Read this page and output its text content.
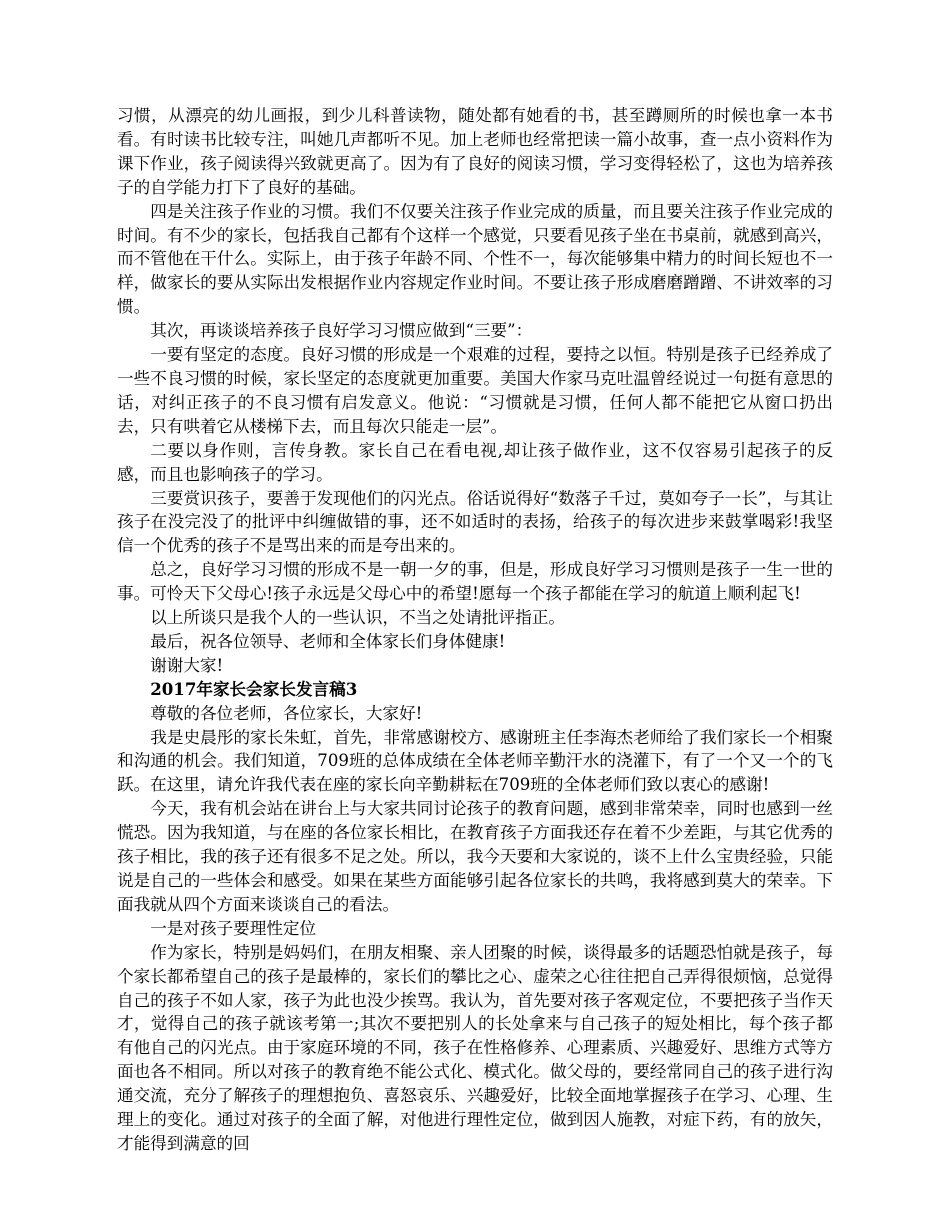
习惯，从漂亮的幼儿画报，到少儿科普读物，随处都有她看的书，甚至蹲厕所的时候也拿一本书看。有时读书比较专注，叫她几声都听不见。加上老师也经常把读一篇小故事，查一点小资料作为课下作业，孩子阅读得兴致就更高了。因为有了良好的阅读习惯，学习变得轻松了，这也为培养孩子的自学能力打下了良好的基础。

四是关注孩子作业的习惯。我们不仅要关注孩子作业完成的质量，而且要关注孩子作业完成的时间。有不少的家长，包括我自己都有个这样一个感觉，只要看见孩子坐在书桌前，就感到高兴，而不管他在干什么。实际上，由于孩子年龄不同、个性不一，每次能够集中精力的时间长短也不一样，做家长的要从实际出发根据作业内容规定作业时间。不要让孩子形成磨磨蹭蹭、不讲效率的习惯。

其次，再谈谈培养孩子良好学习习惯应做到“三要”：

一要有坚定的态度。良好习惯的形成是一个艰难的过程，要持之以恒。特别是孩子已经养成了一些不良习惯的时候，家长坚定的态度就更加重要。美国大作家马克吐温曾经说过一句挺有意思的话，对纠正孩子的不良习惯有启发意义。他说：“习惯就是习惯，任何人都不能把它从窗口扔出去，只有哄着它从楼梯下去，而且每次只能走一层”。

二要以身作则，言传身教。家长自己在看电视,却让孩子做作业，这不仅容易引起孩子的反感，而且也影响孩子的学习。

三要赏识孩子，要善于发现他们的闪光点。俗话说得好“数落子千过，莫如夸子一长”，与其让孩子在没完没了的批评中纠缠做错的事，还不如适时的表扬，给孩子的每次进步来鼓掌喝彩!我坚信一个优秀的孩子不是骂出来的而是夸出来的。

总之，良好学习习惯的形成不是一朝一夕的事，但是，形成良好学习习惯则是孩子一生一世的事。可怜天下父母心!孩子永远是父母心中的希望!愿每一个孩子都能在学习的航道上顺利起飞!

以上所谈只是我个人的一些认识，不当之处请批评指正。

最后，祝各位领导、老师和全体家长们身体健康!

谢谢大家!

2017年家长会家长发言稿3

尊敬的各位老师，各位家长，大家好!

我是史晨彤的家长朱虹，首先，非常感谢校方、感谢班主任李海杰老师给了我们家长一个相聚和沟通的机会。我们知道，709班的总体成绩在全体老师辛勤汗水的浇灌下，有了一个又一个的飞跃。在这里，请允许我代表在座的家长向辛勤耕耘在709班的全体老师们致以衷心的感谢!

今天，我有机会站在讲台上与大家共同讨论孩子的教育问题，感到非常荣幸，同时也感到一丝慌恐。因为我知道，与在座的各位家长相比，在教育孩子方面我还存在着不少差距，与其它优秀的孩子相比，我的孩子还有很多不足之处。所以，我今天要和大家说的，谈不上什么宝贵经验，只能说是自己的一些体会和感受。如果在某些方面能够引起各位家长的共鸣，我将感到莫大的荣幸。下面我就从四个方面来谈谈自己的看法。

一是对孩子要理性定位

作为家长，特别是妈妈们，在朋友相聚、亲人团聚的时候，谈得最多的话题恐怕就是孩子，每个家长都希望自己的孩子是最棒的，家长们的攀比之心、虚荣之心往往把自己弄得很烦恼，总觉得自己的孩子不如人家，孩子为此也没少挨骂。我认为，首先要对孩子客观定位，不要把孩子当作天才，觉得自己的孩子就该考第一;其次不要把别人的长处拿来与自己孩子的短处相比，每个孩子都有他自己的闪光点。由于家庭环境的不同，孩子在性格修养、心理素质、兴趣爱好、思维方式等方面也各不相同。所以对孩子的教育绝不能公式化、模式化。做父母的，要经常同自己的孩子进行沟通交流，充分了解孩子的理想抱负、喜怒哀乐、兴趣爱好，比较全面地掌握孩子在学习、心理、生理上的变化。通过对孩子的全面了解，对他进行理性定位，做到因人施教，对症下药，有的放矢，才能得到满意的回
